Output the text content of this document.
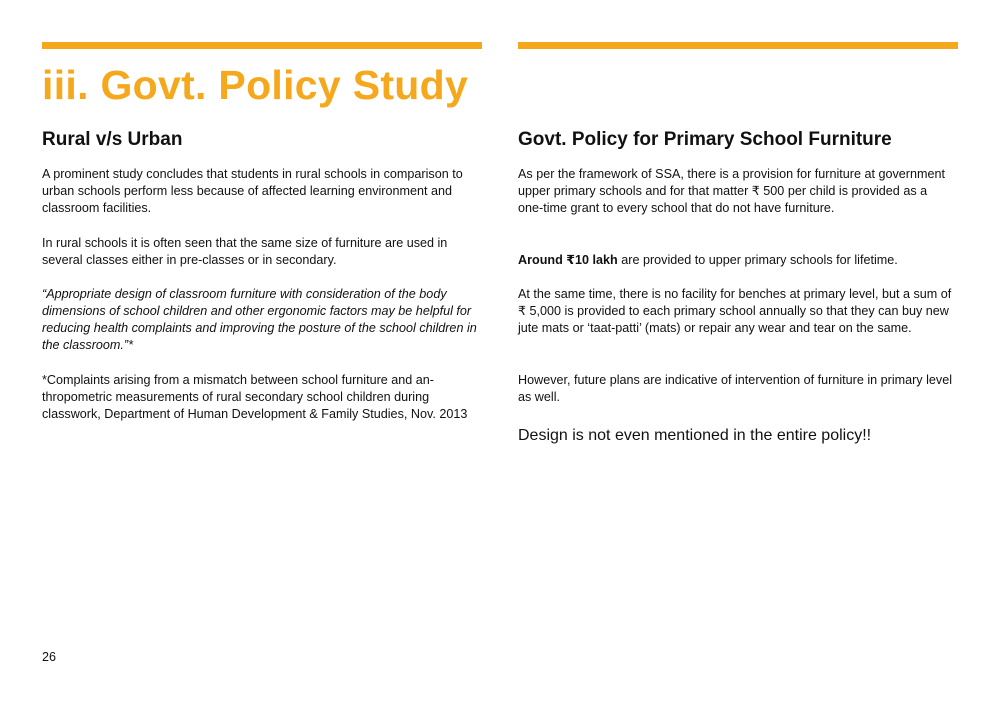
iii. Govt. Policy Study
Rural v/s Urban

A prominent study concludes that students in rural schools in comparison to urban schools perform less because of affected learning environment and classroom facilities.

In rural schools it is often seen that the same size of furniture are used in several classes either in pre-classes or in secondary.

“Appropriate design of classroom furniture with consideration of the body dimensions of school children and other ergonomic factors may be helpful for reducing health complaints and improving the posture of the school children in the classroom.”*

*Complaints arising from a mismatch between school furniture and an-thropometric measurements of rural secondary school children during classwork, Department of Human Development & Family Studies, Nov. 2013

Govt. Policy for Primary School Furniture

As per the framework of SSA, there is a provision for furniture at government upper primary schools and for that matter ₹ 500 per child is provided as a one-time grant to every school that do not have furniture.

Around ₹10 lakh are provided to upper primary schools for lifetime.

At the same time, there is no facility for benches at primary level, but a sum of ₹ 5,000 is provided to each primary school annually so that they can buy new jute mats or ‘taat-patti’ (mats) or repair any wear and tear on the same.

However, future plans are indicative of intervention of furniture in primary level as well.

Design is not even mentioned in the entire policy!!

26
